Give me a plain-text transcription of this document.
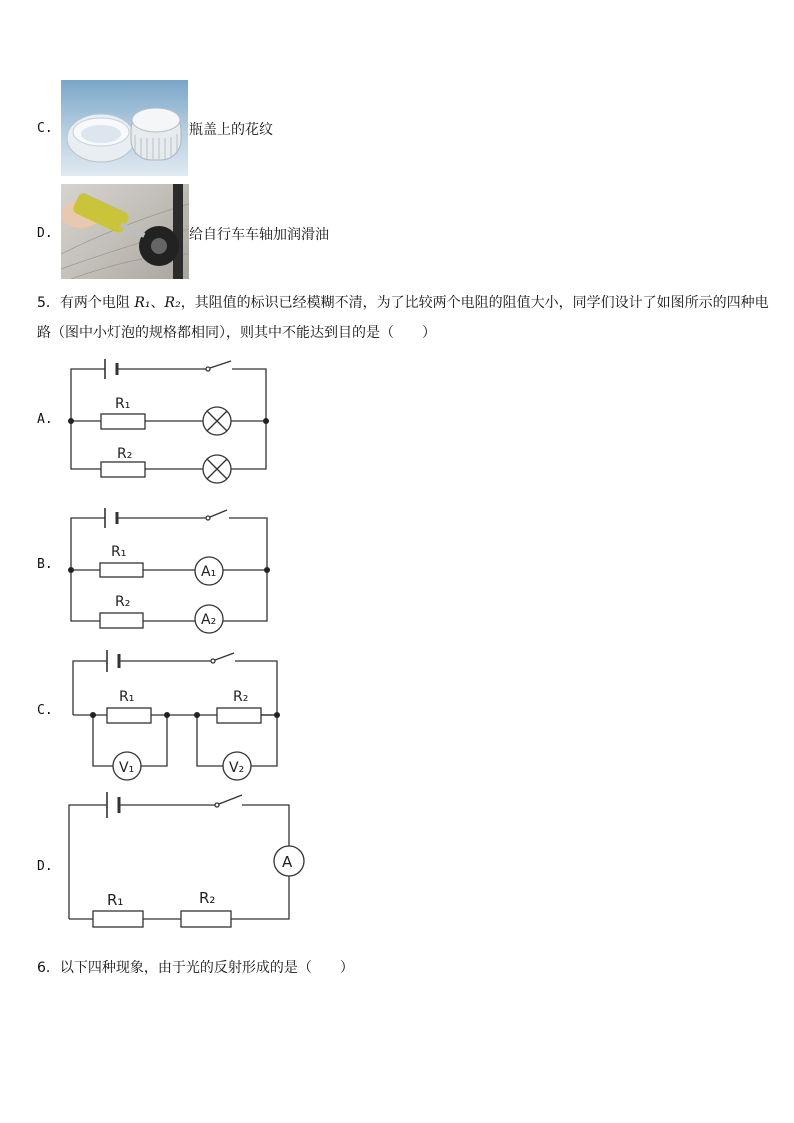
C.	瓶盖上的花纹
D.	给自行车车轴加润滑油
5．有两个电阻 R₁、R₂，其阻值的标识已经模糊不清，为了比较两个电阻的阻值大小，同学们设计了如图所示的四种电
路（图中小灯泡的规格都相同），则其中不能达到目的是（　　）
A.
R₁
R₂
B.
R₁
R₂
A₁
A₂
C.
R₁	R₂
V₁	V₂
D.
R₁	R₂
A
6．以下四种现象，由于光的反射形成的是（　　）
